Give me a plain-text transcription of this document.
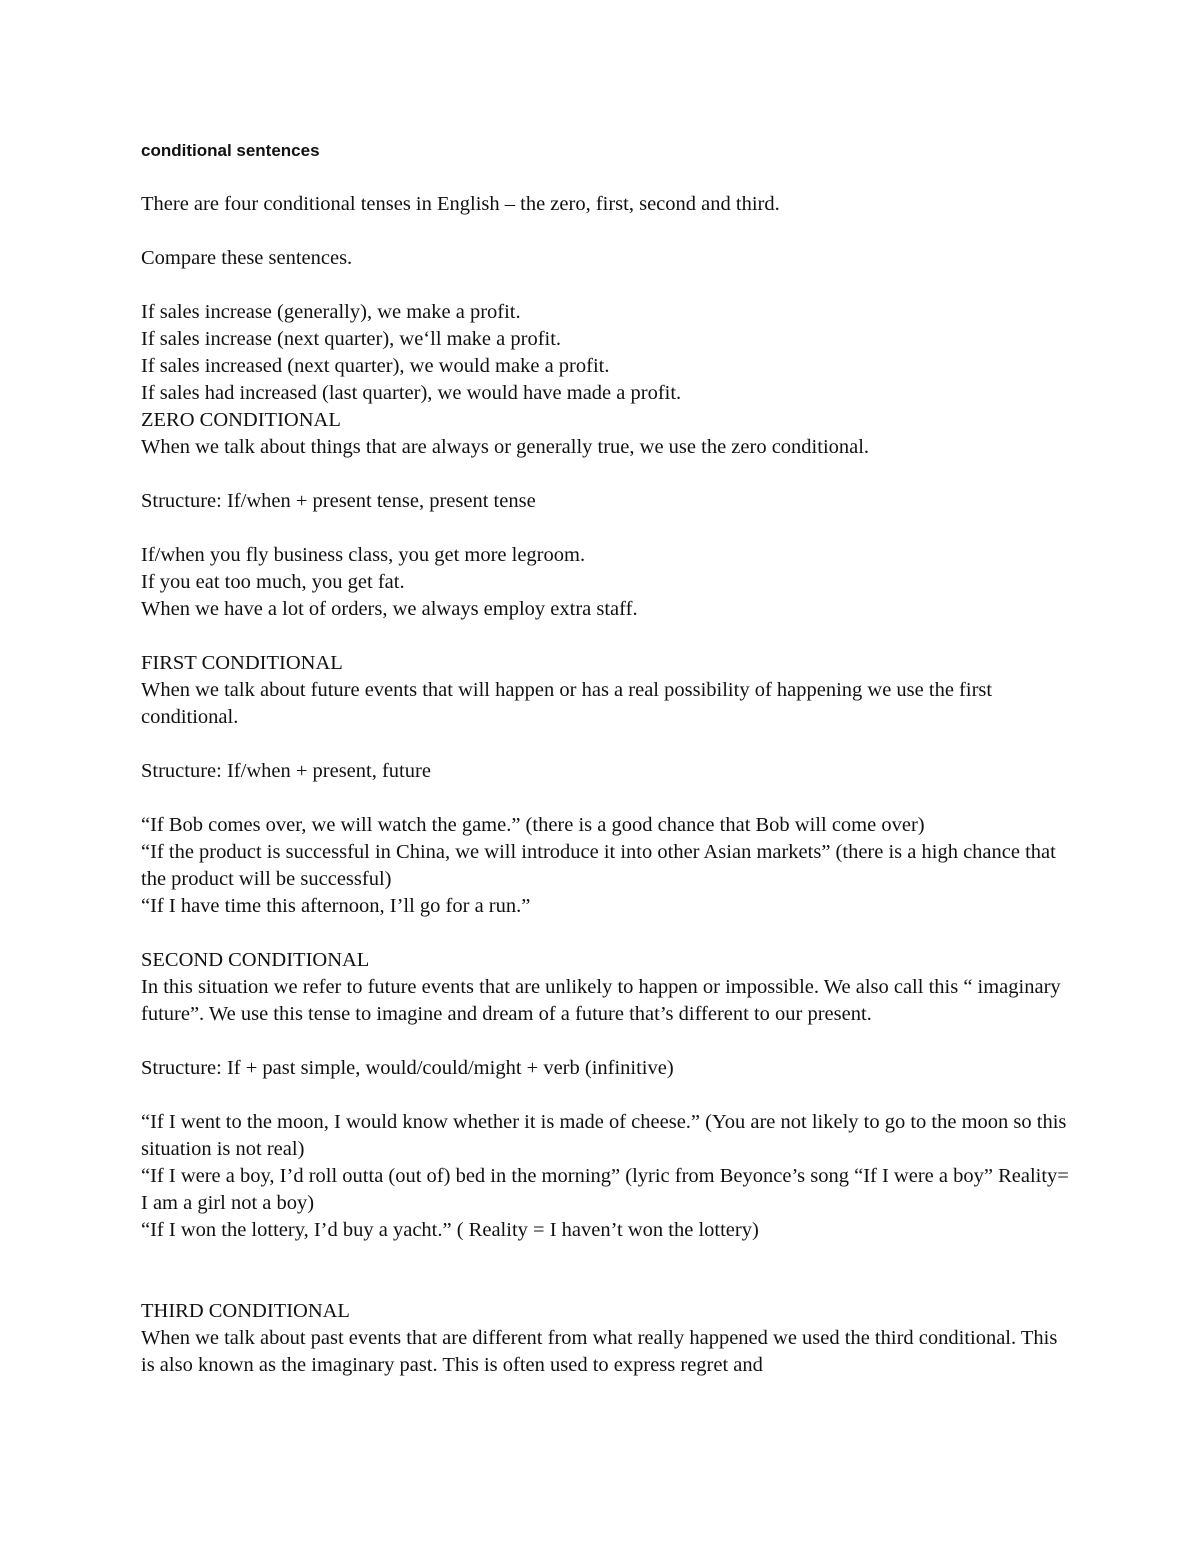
conditional sentences

There are four conditional tenses in English – the zero, first, second and third.

Compare these sentences.

If sales increase (generally), we make a profit.

If sales increase (next quarter), we‘ll make a profit.

If sales increased (next quarter), we would make a profit.

If sales had increased (last quarter), we would have made a profit.

ZERO CONDITIONAL

When we talk about things that are always or generally true, we use the zero conditional.

Structure: If/when + present tense, present tense

If/when you fly business class, you get more legroom.

If you eat too much, you get fat.

When we have a lot of orders, we always employ extra staff.

FIRST CONDITIONAL

When we talk about future events that will happen or has a real possibility of happening we use the first conditional.

Structure: If/when + present, future

“If Bob comes over, we will watch the game.” (there is a good chance that Bob will come over)

“If the product is successful in China, we will introduce it into other Asian markets” (there is a high chance that the product will be successful)

“If I have time this afternoon, I’ll go for a run.”

SECOND CONDITIONAL

In this situation we refer to future events that are unlikely to happen or impossible. We also call this “ imaginary future”. We use this tense to imagine and dream of a future that’s different to our present.

Structure: If + past simple, would/could/might + verb (infinitive)

“If I went to the moon, I would know whether it is made of cheese.” (You are not likely to go to the moon so this situation is not real)

“If I were a boy, I’d roll outta (out of) bed in the morning” (lyric from Beyonce’s song “If I were a boy” Reality= I am a girl not a boy)

“If I won the lottery, I’d buy a yacht.” ( Reality = I haven’t won the lottery)

THIRD CONDITIONAL

When we talk about past events that are different from what really happened we used the third conditional. This is also known as the imaginary past. This is often used to express regret and
